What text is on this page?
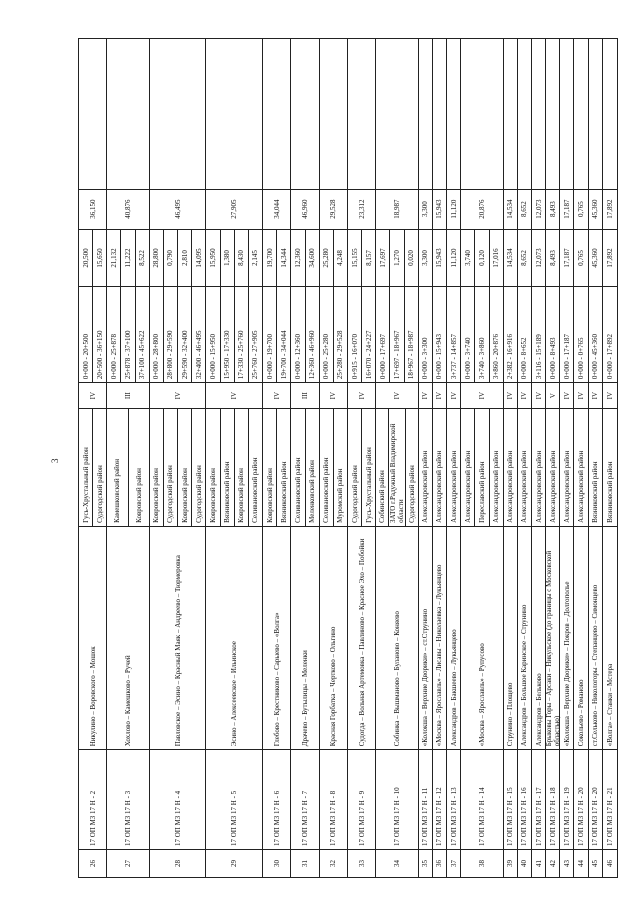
3
26
17 ОП МЗ 17 Н - 2
Никулино – Воровского – Мошок
Гусь-Хрустальный район Судогодский район
IV
0+000 - 20+500 20+500 - 36+150
20,500 15,650
36,150
27
17 ОП МЗ 17 Н - 3
Хохлово – Камешково – Ручей
Камешковский район	Ковровский район
III
0+000 - 25+878 25+878 - 37+100 37+100 - 45+622
21,132 11,222 8,522
40,876
28
17 ОП МЗ 17 Н - 4
Павловское – Эсино – Красный Маяк – Андреево – Тюрмеровка
Ковровский район Судогодский район Ковровский район Судогодский район
IV
0+000 - 28+800 28+800 - 29+590 29+590 - 32+400 32+400 - 46+495
28,800 0,790 2,810 14,095
46,495
29
17 ОП МЗ 17 Н - 5
Эсино – Алексеевское – Ильинское
Ковровский район Вязниковский район Ковровский район Селивановский район
IV
0+000 - 15+950 15+950 - 17+330 17+330 - 25+760 25+760 - 27+905
15,950 1,380 8,430 2,145
27,905
30
17 ОП МЗ 17 Н - 6
Глебово – Крестниково – Сарыево – «Волга»
Ковровский район Вязниковский район
IV
0+000 - 19+700 19+700 - 34+044
19,700 14,344
34,044
31
17 ОП МЗ 17 Н - 7
Драчево – Бутылицы – Меленки
Селивановский район Меленковский район
III
0+000 - 12+360 12+360 - 46+960
12,360 34,600
46,960
32
17 ОП МЗ 17 Н - 8
Красная Горбатка – Чертково – Ольгино
Селивановский район Муромский район
IV
0+000 - 25+280 25+280 - 29+528
25,280 4,248
29,528
33
17 ОП МЗ 17 Н - 9
Судогда – Вольная Артемовка – Павлиново – Красное Эхо – Побойки
Судогодский район Гусь-Хрустальный район
IV
0+915 - 16+070 16+070 - 24+227
15,155 8,157
23,312
34
17 ОП МЗ 17 Н - 10
Собинка – Вышманово – Буланово – Коняево
Собинский район ЗАТО г.Радужный Владимирской области Судогодский район
IV
0+000 - 17+697 17+697 - 18+967 18+967 - 18+987
17,697 1,270 0,020
18,987
35
17 ОП МЗ 17 Н - 11
«Колокша – Верхние Дворики» – ст.Струнино
Александровский район
IV
0+000 - 3+300
3,300
3,300
36
17 ОП МЗ 17 Н - 12
«Москва – Ярославль» – Лисавы – Николаевка – Лукьянцево
Александровский район
IV
0+000 - 15+943
15,943
15,943
37
17 ОП МЗ 17 Н - 13
Александров – Бакшеево – Лукьянцево
Александровский район
IV
3+737 - 14+857
11,120
11,120
38
17 ОП МЗ 17 Н - 14
«Москва – Ярославль» – Рупусово
Александровский район Переславский район Александровский район
IV
0+000 - 3+740 3+740 - 3+860 3+860 - 20+876
3,740 0,120 17,016
20,876
39
17 ОП МЗ 17 Н - 15
Струнино – Площево
Александровский район
IV
2+382 - 16+916
14,534
14,534
40
17 ОП МЗ 17 Н - 16
Александров – Большое Каринское – Струнино
Александровский район
IV
0+000 - 8+652
8,652
8,652
41
17 ОП МЗ 17 Н - 17
Александров – Бельково
Александровский район
IV
3+116 - 15+189
12,073
12,073
42
17 ОП МЗ 17 Н - 18
Брыковы Горы – Арсаки – Никульское (до границы с Московской областью)
Александровский район
V
0+000 - 8+493
8,493
8,493
43
17 ОП МЗ 17 Н - 19
«Колокша – Верхние Дворики» – Покров – Долгопольe
Александровский район
IV
0+000 - 17+187
17,187
17,187
44
17 ОП МЗ 17 Н - 20
Сокольево – Романово
Александровский район
IV
0+000 - 0+765
0,765
0,765
45
17 ОП МЗ 17 Н - 20
ст.Сельково – Никологоры – Степанцево – Симонцево
Вязниковский район
IV
0+000 - 45+360
45,360
45,360
46
17 ОП МЗ 17 Н - 21
«Волга» – Станки – Мстера
Вязниковский район
IV
0+000 - 17+892
17,892
17,892
